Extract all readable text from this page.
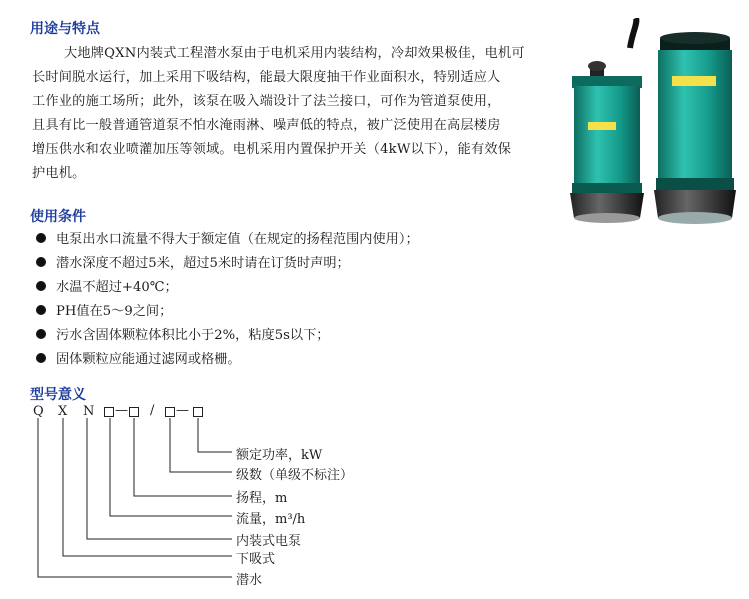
用途与特点
大地牌QXN内装式工程潜水泵由于电机采用内装结构，冷却效果极佳，电机可
长时间脱水运行，加上采用下吸结构，能最大限度抽干作业面积水，特别适应人
工作业的施工场所；此外，该泵在吸入端设计了法兰接口，可作为管道泵使用，
且具有比一般普通管道泵不怕水淹雨淋、噪声低的特点，被广泛使用在高层楼房
增压供水和农业喷灌加压等领域。电机采用内置保护开关（4kW以下），能有效保
护电机。
使用条件
电泵出水口流量不得大于额定值（在规定的扬程范围内使用）；
潜水深度不超过5米，超过5米时请在订货时声明；
水温不超过+40℃；
PH值在5～9之间；
污水含固体颗粒体积比小于2%，粘度5s以下；
固体颗粒应能通过滤网或格栅。
型号意义
Q X N — / —
额定功率，kW
级数（单级不标注）
扬程，m
流量，m³/h
内装式电泵
下吸式
潜水
